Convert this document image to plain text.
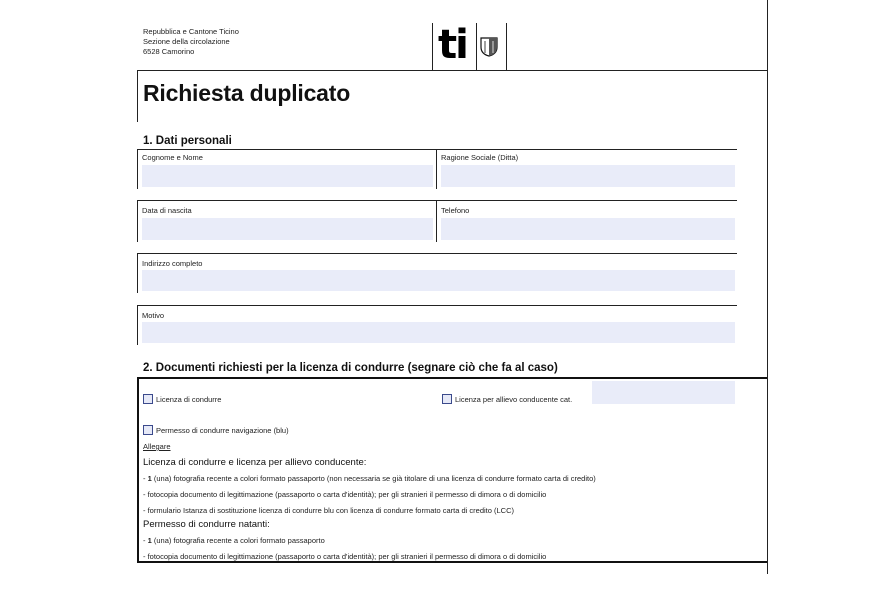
Repubblica e Cantone Ticino
Sezione della circolazione
6528 Camorino	ti
Richiesta duplicato
1. Dati personali
Cognome e Nome	Ragione Sociale (Ditta)
Data di nascita	Telefono
Indirizzo completo
Motivo
2. Documenti richiesti per la licenza di condurre (segnare ciò che fa al caso)
Licenza di condurre	Licenza per allievo conducente cat.
Permesso di condurre navigazione (blu)
Allegare
Licenza di condurre e licenza per allievo conducente:
- 1 (una) fotografia recente a colori formato passaporto (non necessaria se già titolare di una licenza di condurre formato carta di credito)
- fotocopia documento di legittimazione (passaporto o carta d'identità); per gli stranieri il permesso di dimora o di domicilio
- formulario Istanza di sostituzione licenza di condurre blu con licenza di condurre formato carta di credito (LCC)
Permesso di condurre natanti:
- 1 (una) fotografia recente a colori formato passaporto
- fotocopia documento di legittimazione (passaporto o carta d'identità); per gli stranieri il permesso di dimora o di domicilio
